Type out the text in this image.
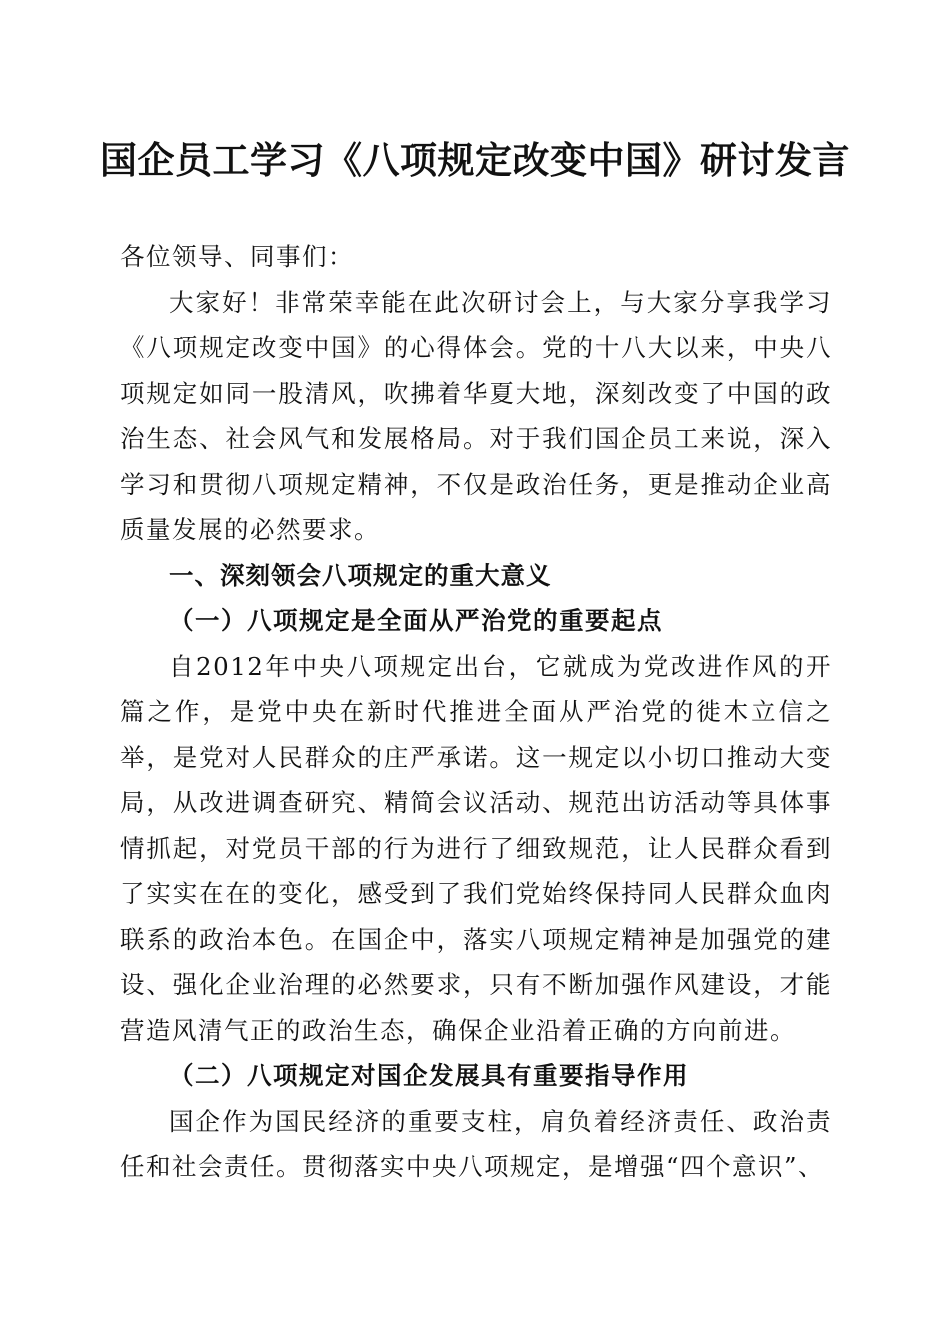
国企员工学习《八项规定改变中国》研讨发言

各位领导、同事们：

大家好！非常荣幸能在此次研讨会上，与大家分享我学习《八项规定改变中国》的心得体会。党的十八大以来，中央八项规定如同一股清风，吹拂着华夏大地，深刻改变了中国的政治生态、社会风气和发展格局。对于我们国企员工来说，深入学习和贯彻八项规定精神，不仅是政治任务，更是推动企业高质量发展的必然要求。

一、深刻领会八项规定的重大意义

（一）八项规定是全面从严治党的重要起点

自2012年中央八项规定出台，它就成为党改进作风的开篇之作，是党中央在新时代推进全面从严治党的徙木立信之举，是党对人民群众的庄严承诺。这一规定以小切口推动大变局，从改进调查研究、精简会议活动、规范出访活动等具体事情抓起，对党员干部的行为进行了细致规范，让人民群众看到了实实在在的变化，感受到了我们党始终保持同人民群众血肉联系的政治本色。在国企中，落实八项规定精神是加强党的建设、强化企业治理的必然要求，只有不断加强作风建设，才能营造风清气正的政治生态，确保企业沿着正确的方向前进。

（二）八项规定对国企发展具有重要指导作用

国企作为国民经济的重要支柱，肩负着经济责任、政治责任和社会责任。贯彻落实中央八项规定，是增强“四个意识”、
